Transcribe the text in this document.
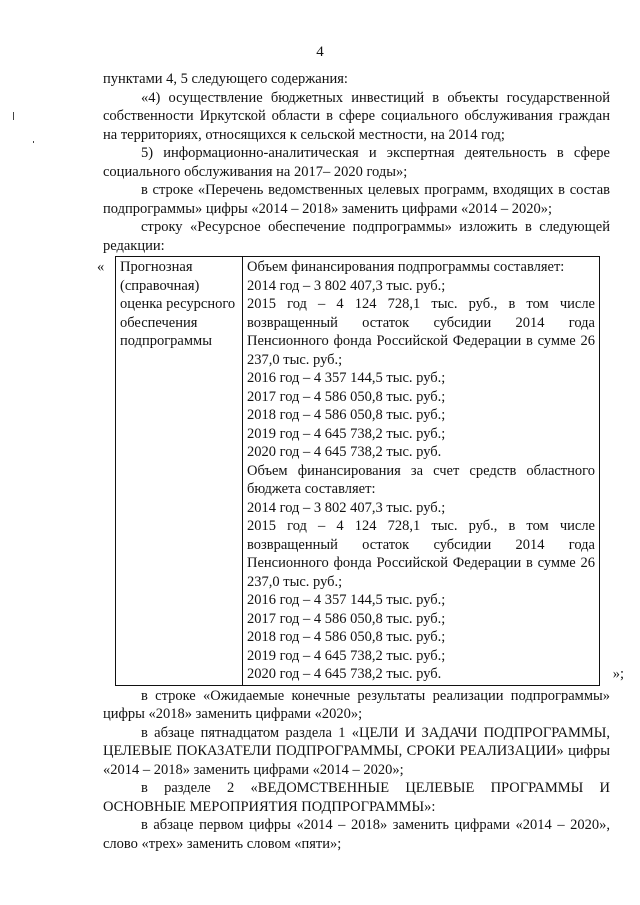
4

пунктами 4, 5 следующего содержания:

«4) осуществление бюджетных инвестиций в объекты государственной собственности Иркутской области в сфере социального обслуживания граждан на территориях, относящихся к сельской местности, на 2014 год;

5) информационно-аналитическая и экспертная деятельность в сфере социального обслуживания на 2017– 2020 годы»;

в строке «Перечень ведомственных целевых программ, входящих в состав подпрограммы» цифры «2014 – 2018» заменить цифрами «2014 – 2020»;

строку «Ресурсное обеспечение подпрограммы» изложить в следующей редакции:

« Прогнозная (справочная) оценка ресурсного обеспечения подпрограммы	
Объем финансирования подпрограммы составляет:
2014 год – 3 802 407,3 тыс. руб.;
2015 год – 4 124 728,1 тыс. руб., в том числе возвращенный остаток субсидии 2014 года Пенсионного фонда Российской Федерации в сумме 26 237,0 тыс. руб.;
2016 год – 4 357 144,5 тыс. руб.;
2017 год – 4 586 050,8 тыс. руб.;
2018 год – 4 586 050,8 тыс. руб.;
2019 год – 4 645 738,2 тыс. руб.;
2020 год – 4 645 738,2 тыс. руб.
Объем финансирования за счет средств областного бюджета составляет:
2014 год – 3 802 407,3 тыс. руб.;
2015 год – 4 124 728,1 тыс. руб., в том числе возвращенный остаток субсидии 2014 года Пенсионного фонда Российской Федерации в сумме 26 237,0 тыс. руб.;
2016 год – 4 357 144,5 тыс. руб.;
2017 год – 4 586 050,8 тыс. руб.;
2018 год – 4 586 050,8 тыс. руб.;
2019 год – 4 645 738,2 тыс. руб.;
2020 год – 4 645 738,2 тыс. руб.	»;

в строке «Ожидаемые конечные результаты реализации подпрограммы» цифры «2018» заменить цифрами «2020»;

в абзаце пятнадцатом раздела 1 «ЦЕЛИ И ЗАДАЧИ ПОДПРОГРАММЫ, ЦЕЛЕВЫЕ ПОКАЗАТЕЛИ ПОДПРОГРАММЫ, СРОКИ РЕАЛИЗАЦИИ» цифры «2014 – 2018» заменить цифрами «2014 – 2020»;

в разделе 2 «ВЕДОМСТВЕННЫЕ ЦЕЛЕВЫЕ ПРОГРАММЫ И ОСНОВНЫЕ МЕРОПРИЯТИЯ ПОДПРОГРАММЫ»:

в абзаце первом цифры «2014 – 2018» заменить цифрами «2014 – 2020», слово «трех» заменить словом «пяти»;
